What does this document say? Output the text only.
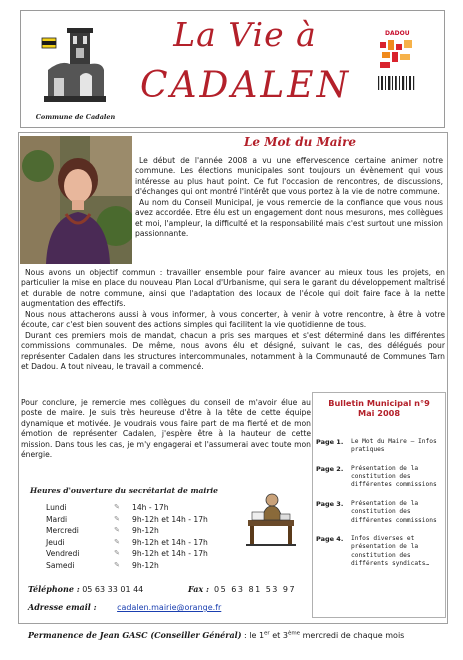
Commune de Cadalen
La Vie à
CADALEN
DADOU
Le Mot du Maire

Le début de l'année 2008 a vu une effervescence certaine animer notre commune. Les élections municipales sont toujours un évènement qui vous intéresse au plus haut point. Ce fut l'occasion de rencontres, de discussions, d'échanges qui ont montré l'intérêt que vous portez à la vie de notre commune.

Au nom du Conseil Municipal, je vous remercie de la confiance que vous nous avez accordée. Etre élu est un engagement dont nous mesurons, mes collègues et moi, l'ampleur, la difficulté et la responsabilité mais c'est surtout une mission passionnante.

Nous avons un objectif commun : travailler ensemble pour faire avancer au mieux tous les projets, en particulier la mise en place du nouveau Plan Local d'Urbanisme, qui sera le garant du développement maîtrisé et durable de notre commune, ainsi que l'adaptation des locaux de l'école qui doit faire face à la nette augmentation des effectifs.

Nous nous attacherons aussi à vous informer, à vous concerter, à venir à votre rencontre, à être à votre écoute, car c'est bien souvent des actions simples qui facilitent la vie quotidienne de tous.

Durant ces premiers mois de mandat, chacun a pris ses marques et s'est déterminé dans les différentes commissions communales. De même, nous avons élu et désigné, suivant le cas, des délégués pour représenter Cadalen dans les structures intercommunales, notamment à la Communauté de Communes Tarn et Dadou. A tout niveau, le travail a commencé.

Pour conclure, je remercie mes collègues du conseil de m'avoir élue au poste de maire. Je suis très heureuse d'être à la tête de cette équipe dynamique et motivée. Je voudrais vous faire part de ma fierté et de mon émotion de représenter Cadalen, j'espère être à la hauteur de cette mission. Dans tous les cas, je m'y engagerai et l'assumerai avec toute mon énergie.

Bulletin Municipal n°9
Mai 2008
Page 1.	Le Mot du Maire – Infos pratiques
Page 2.	Présentation de la constitution des différentes commissions
Page 3.	Présentation de la constitution des différentes commissions
Page 4.	Infos diverses et présentation de la constitution des différents syndicats…
Heures d'ouverture du secrétariat de mairie
Lundi	✎	14h - 17h
Mardi	✎	9h-12h et 14h - 17h
Mercredi	✎	9h-12h
Jeudi	✎	9h-12h et 14h - 17h
Vendredi	✎	9h-12h et 14h - 17h
Samedi	✎	9h-12h
Téléphone : 05 63 33 01 44	Fax : 05 63 81 53 97
Adresse email :	cadalen.mairie@orange.fr
Permanence de Jean GASC (Conseiller Général) : le 1er et 3ème mercredi de chaque mois
